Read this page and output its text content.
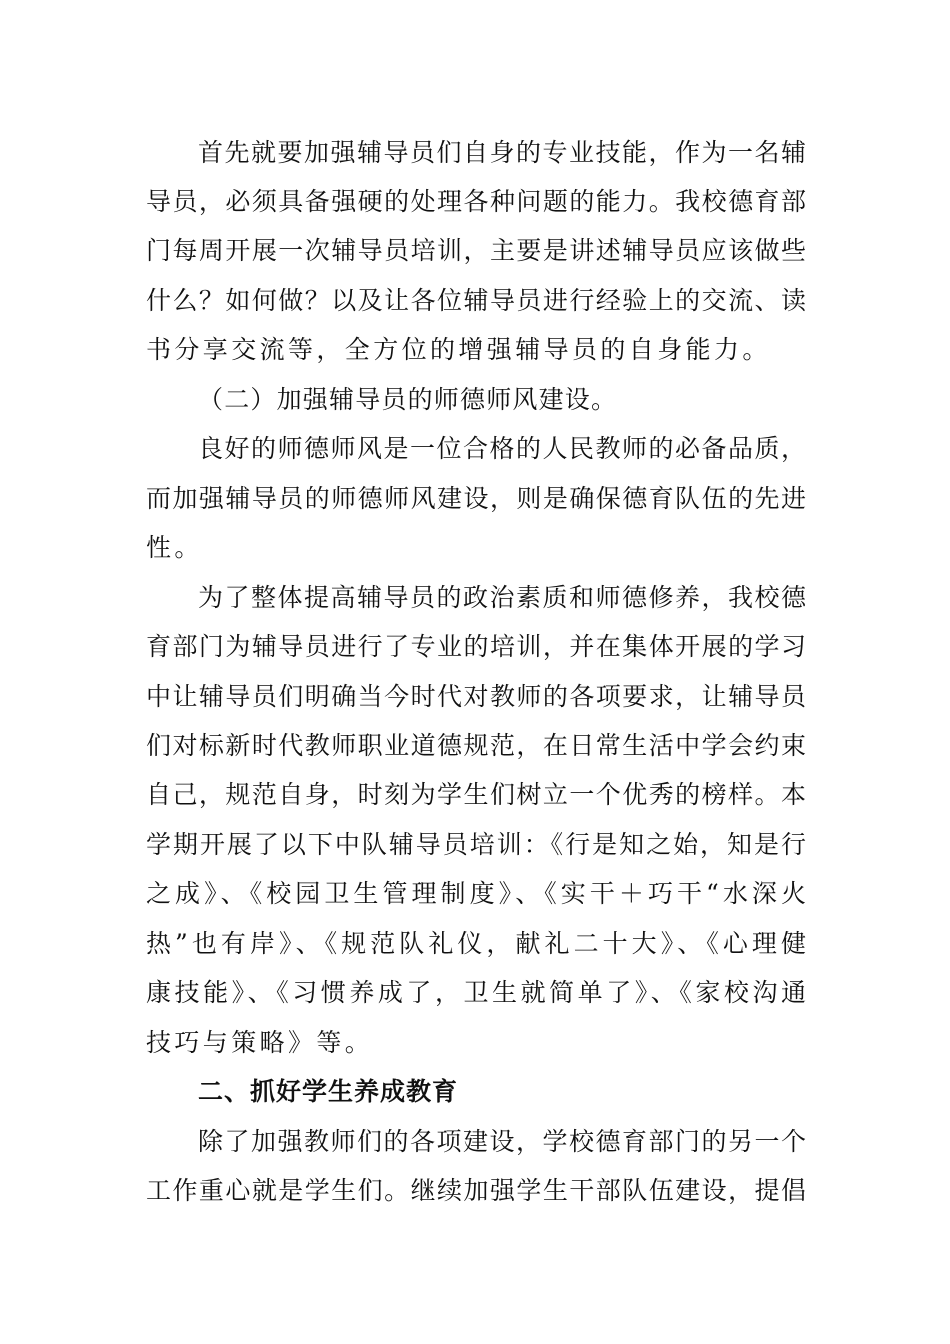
首先就要加强辅导员们自身的专业技能，作为一名辅
导员，必须具备强硬的处理各种问题的能力。我校德育部
门每周开展一次辅导员培训，主要是讲述辅导员应该做些
什么？如何做？以及让各位辅导员进行经验上的交流、读
书分享交流等，全方位的增强辅导员的自身能力。
（二）加强辅导员的师德师风建设。
良好的师德师风是一位合格的人民教师的必备品质，
而加强辅导员的师德师风建设，则是确保德育队伍的先进
性。
为了整体提高辅导员的政治素质和师德修养，我校德
育部门为辅导员进行了专业的培训，并在集体开展的学习
中让辅导员们明确当今时代对教师的各项要求，让辅导员
们对标新时代教师职业道德规范，在日常生活中学会约束
自己，规范自身，时刻为学生们树立一个优秀的榜样。本
学期开展了以下中队辅导员培训：《行是知之始，知是行
之成》、《校园卫生管理制度》、《实干＋巧干“水深火
热”也有岸》、《规范队礼仪，献礼二十大》、《心理健
康技能》、《习惯养成了，卫生就简单了》、《家校沟通
技巧与策略》等。
二、抓好学生养成教育
除了加强教师们的各项建设，学校德育部门的另一个
工作重心就是学生们。继续加强学生干部队伍建设，提倡
